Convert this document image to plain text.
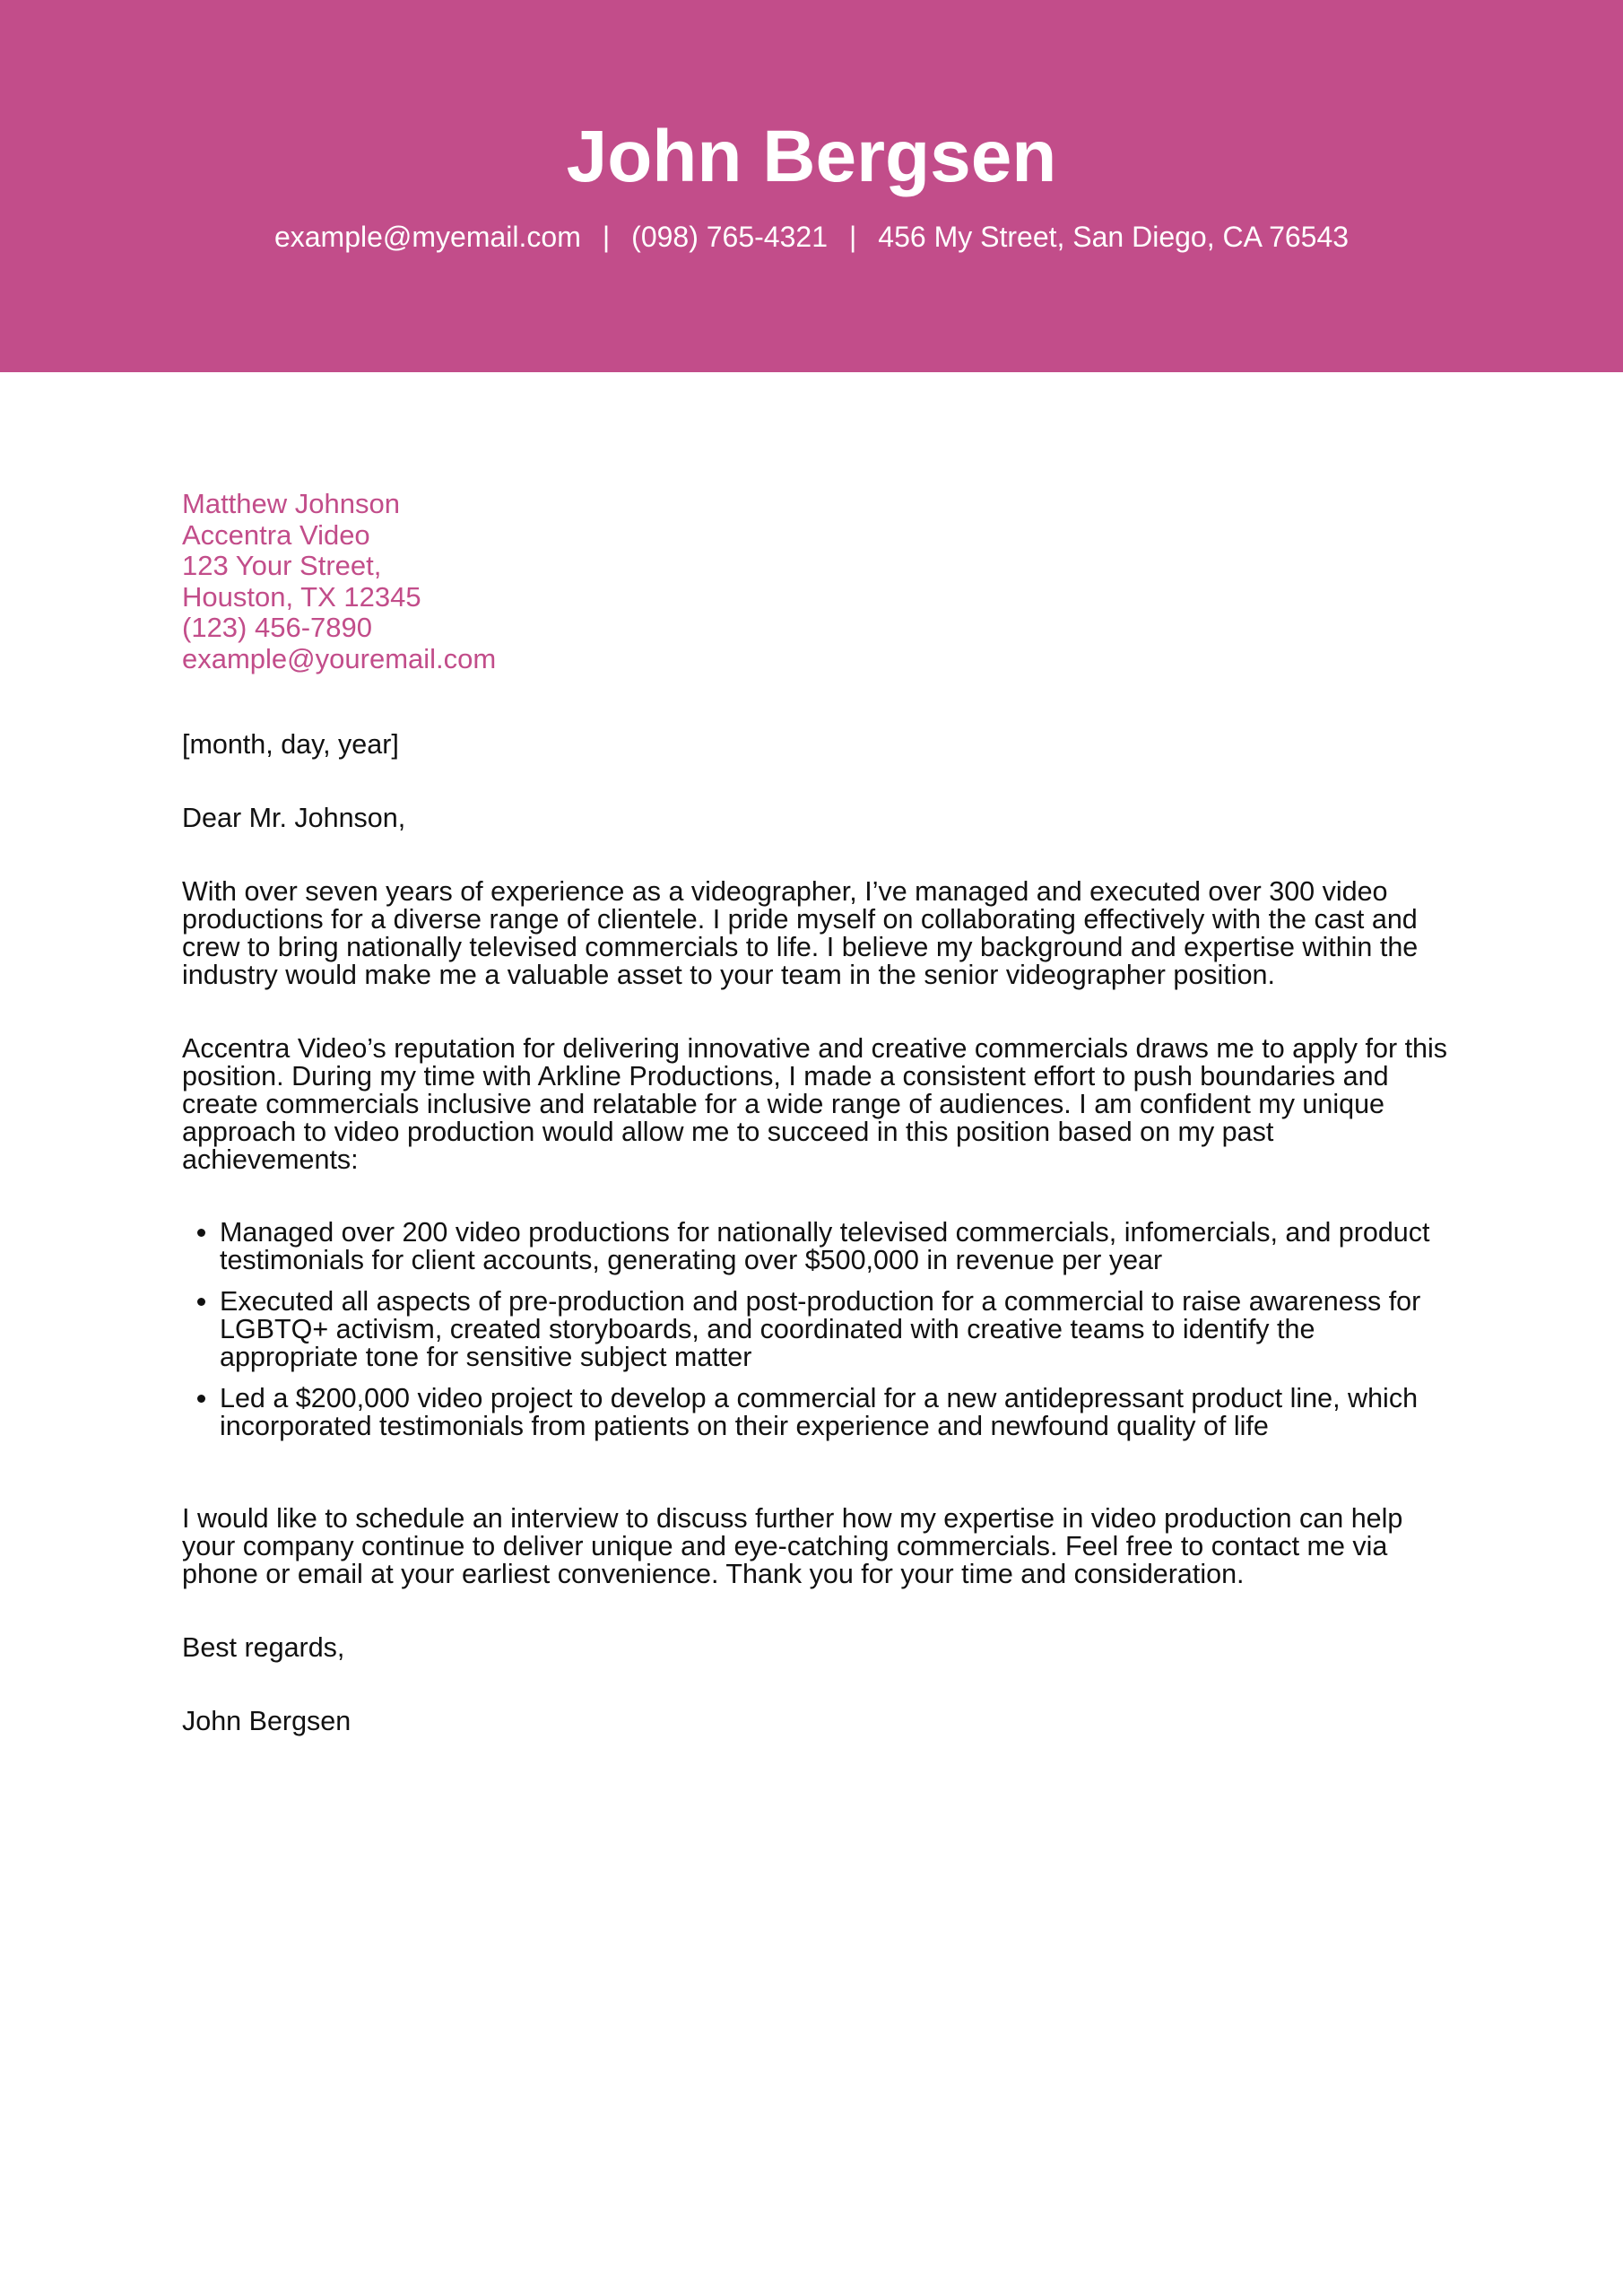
John Bergsen
example@myemail.com | (098) 765-4321 | 456 My Street, San Diego, CA 76543
Matthew Johnson
Accentra Video
123 Your Street,
Houston, TX 12345
(123) 456-7890
example@youremail.com
[month, day, year]
Dear Mr. Johnson,
With over seven years of experience as a videographer, I’ve managed and executed over 300 video productions for a diverse range of clientele. I pride myself on collaborating effectively with the cast and crew to bring nationally televised commercials to life. I believe my background and expertise within the industry would make me a valuable asset to your team in the senior videographer position.
Accentra Video’s reputation for delivering innovative and creative commercials draws me to apply for this position. During my time with Arkline Productions, I made a consistent effort to push boundaries and create commercials inclusive and relatable for a wide range of audiences. I am confident my unique approach to video production would allow me to succeed in this position based on my past achievements:
• Managed over 200 video productions for nationally televised commercials, infomercials, and product testimonials for client accounts, generating over $500,000 in revenue per year
• Executed all aspects of pre-production and post-production for a commercial to raise awareness for LGBTQ+ activism, created storyboards, and coordinated with creative teams to identify the appropriate tone for sensitive subject matter
• Led a $200,000 video project to develop a commercial for a new antidepressant product line, which incorporated testimonials from patients on their experience and newfound quality of life
I would like to schedule an interview to discuss further how my expertise in video production can help your company continue to deliver unique and eye-catching commercials. Feel free to contact me via phone or email at your earliest convenience. Thank you for your time and consideration.
Best regards,
John Bergsen
